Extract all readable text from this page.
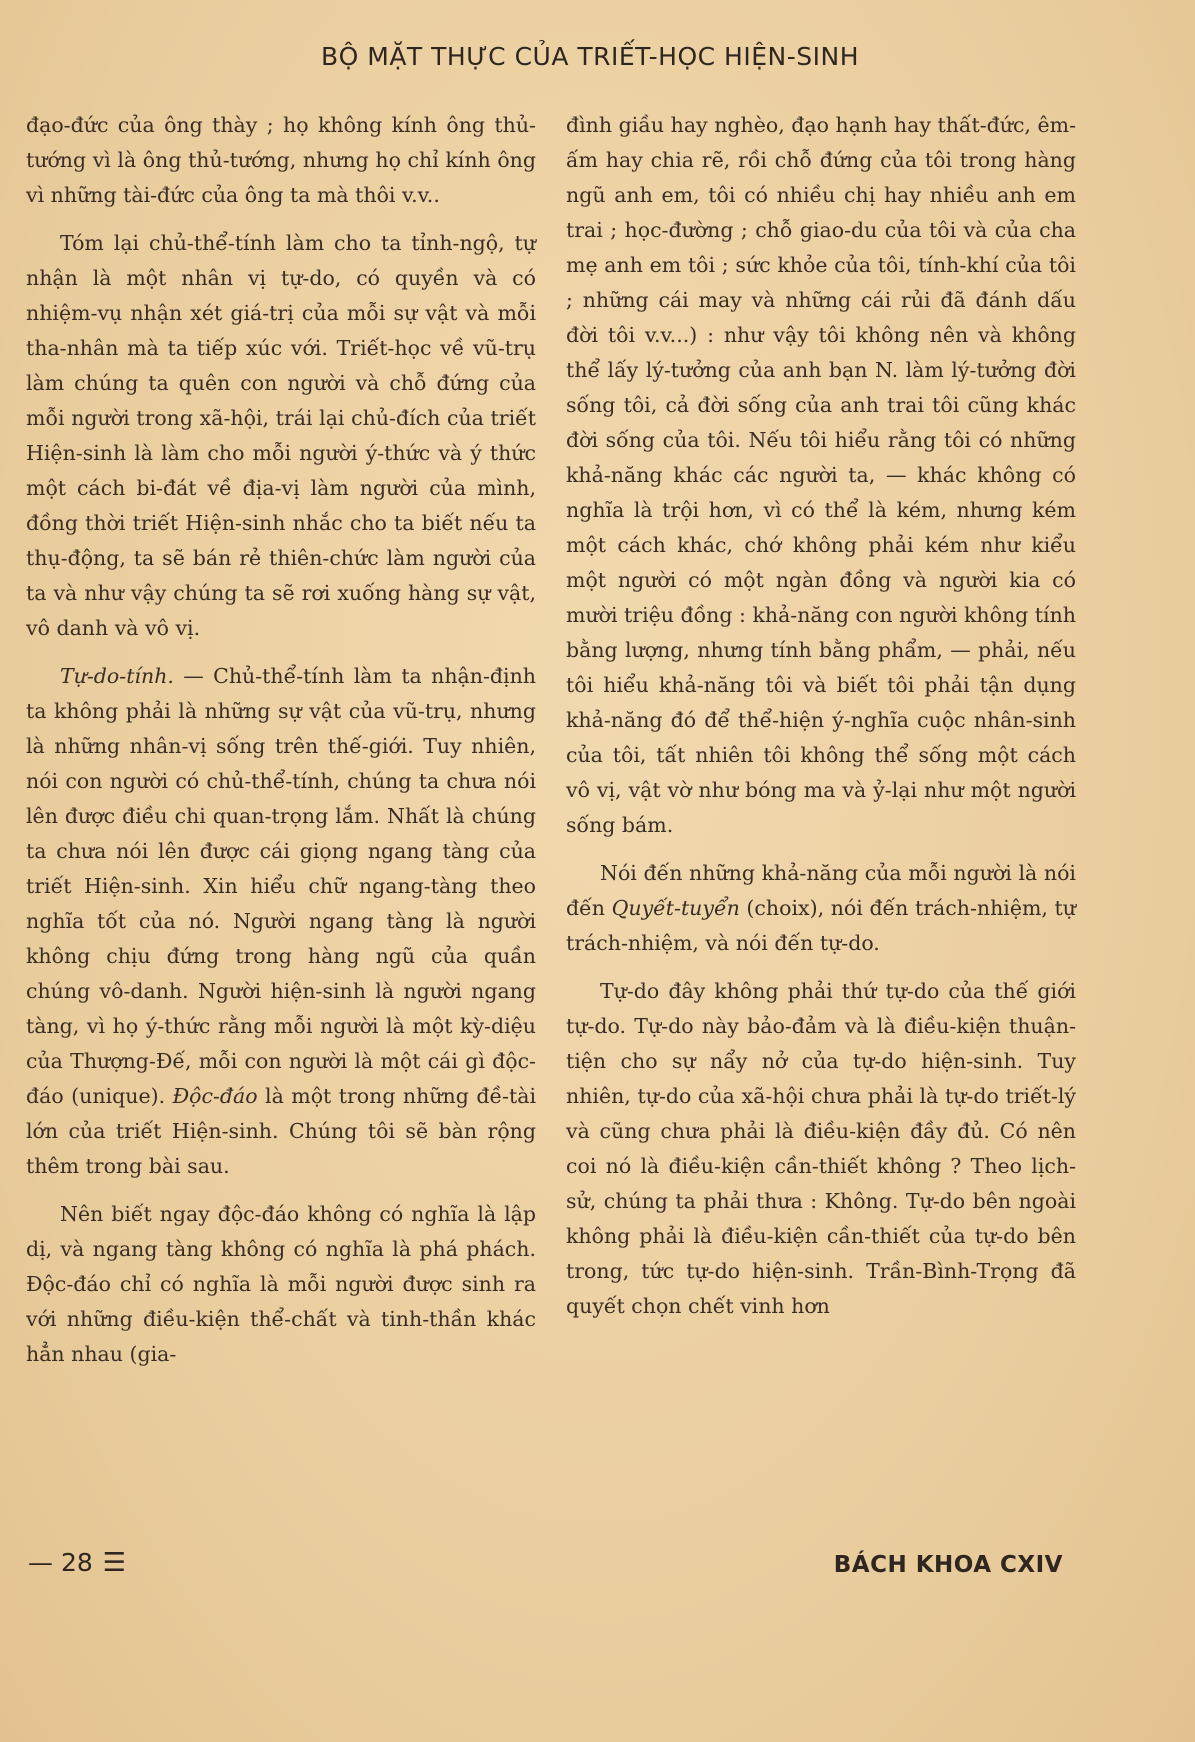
BỘ MẶT THỰC CỦA TRIẾT-HỌC HIỆN-SINH

đạo-đức của ông thày ; họ không kính ông thủ-tướng vì là ông thủ-tướng, nhưng họ chỉ kính ông vì những tài-đức của ông ta mà thôi v.v..

Tóm lại chủ-thể-tính làm cho ta tỉnh-ngộ, tự nhận là một nhân vị tự-do, có quyền và có nhiệm-vụ nhận xét giá-trị của mỗi sự vật và mỗi tha-nhân mà ta tiếp xúc với. Triết-học về vũ-trụ làm chúng ta quên con người và chỗ đứng của mỗi người trong xã-hội, trái lại chủ-đích của triết Hiện-sinh là làm cho mỗi người ý-thức và ý thức một cách bi-đát về địa-vị làm người của mình, đồng thời triết Hiện-sinh nhắc cho ta biết nếu ta thụ-động, ta sẽ bán rẻ thiên-chức làm người của ta và như vậy chúng ta sẽ rơi xuống hàng sự vật, vô danh và vô vị.

Tự-do-tính. — Chủ-thể-tính làm ta nhận-định ta không phải là những sự vật của vũ-trụ, nhưng là những nhân-vị sống trên thế-giới. Tuy nhiên, nói con người có chủ-thể-tính, chúng ta chưa nói lên được điều chi quan-trọng lắm. Nhất là chúng ta chưa nói lên được cái giọng ngang tàng của triết Hiện-sinh. Xin hiểu chữ ngang-tàng theo nghĩa tốt của nó. Người ngang tàng là người không chịu đứng trong hàng ngũ của quần chúng vô-danh. Người hiện-sinh là người ngang tàng, vì họ ý-thức rằng mỗi người là một kỳ-diệu của Thượng-Đế, mỗi con người là một cái gì độc-đáo (unique). Độc-đáo là một trong những đề-tài lớn của triết Hiện-sinh. Chúng tôi sẽ bàn rộng thêm trong bài sau.

Nên biết ngay độc-đáo không có nghĩa là lập dị, và ngang tàng không có nghĩa là phá phách. Độc-đáo chỉ có nghĩa là mỗi người được sinh ra với những điều-kiện thể-chất và tinh-thần khác hẳn nhau (gia-

đình giầu hay nghèo, đạo hạnh hay thất-đức, êm-ấm hay chia rẽ, rồi chỗ đứng của tôi trong hàng ngũ anh em, tôi có nhiều chị hay nhiều anh em trai ; học-đường ; chỗ giao-du của tôi và của cha mẹ anh em tôi ; sức khỏe của tôi, tính-khí của tôi ; những cái may và những cái rủi đã đánh dấu đời tôi v.v...) : như vậy tôi không nên và không thể lấy lý-tưởng của anh bạn N. làm lý-tưởng đời sống tôi, cả đời sống của anh trai tôi cũng khác đời sống của tôi. Nếu tôi hiểu rằng tôi có những khả-năng khác các người ta, — khác không có nghĩa là trội hơn, vì có thể là kém, nhưng kém một cách khác, chớ không phải kém như kiểu một người có một ngàn đồng và người kia có mười triệu đồng : khả-năng con người không tính bằng lượng, nhưng tính bằng phẩm, — phải, nếu tôi hiểu khả-năng tôi và biết tôi phải tận dụng khả-năng đó để thể-hiện ý-nghĩa cuộc nhân-sinh của tôi, tất nhiên tôi không thể sống một cách vô vị, vật vờ như bóng ma và ỷ-lại như một người sống bám.

Nói đến những khả-năng của mỗi người là nói đến Quyết-tuyển (choix), nói đến trách-nhiệm, tự trách-nhiệm, và nói đến tự-do.

Tự-do đây không phải thứ tự-do của thế giới tự-do. Tự-do này bảo-đảm và là điều-kiện thuận-tiện cho sự nẩy nở của tự-do hiện-sinh. Tuy nhiên, tự-do của xã-hội chưa phải là tự-do triết-lý và cũng chưa phải là điều-kiện đầy đủ. Có nên coi nó là điều-kiện cần-thiết không ? Theo lịch-sử, chúng ta phải thưa : Không. Tự-do bên ngoài không phải là điều-kiện cần-thiết của tự-do bên trong, tức tự-do hiện-sinh. Trần-Bình-Trọng đã quyết chọn chết vinh hơn

— 28 ☰	BÁCH KHOA CXIV
